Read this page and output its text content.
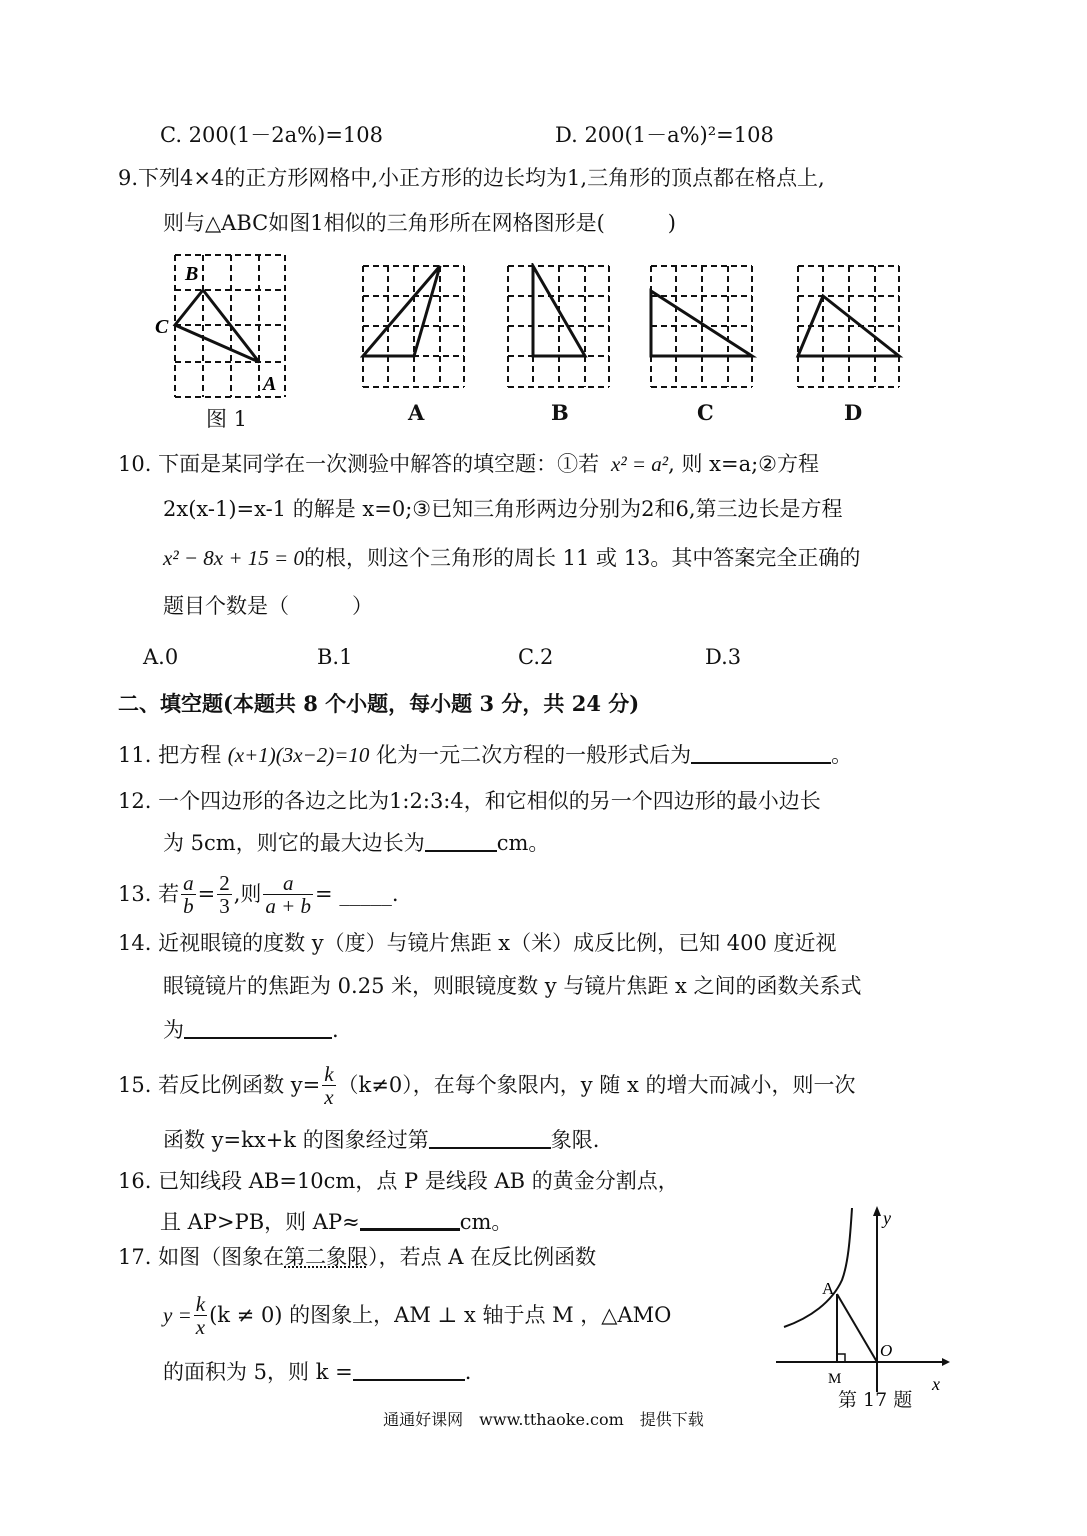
C. 200(1－2a%)=108	D. 200(1－a%)²=108
9.下列4×4的正方形网格中,小正方形的边长均为1,三角形的顶点都在格点上,
则与△ABC如图1相似的三角形所在网格图形是(　　　)
B
C
A
图 1	A	B	C	D
10. 下面是某同学在一次测验中解答的填空题：①若  x² = a², 则 x=a;②方程
2x(x-1)=x-1 的解是 x=0;③已知三角形两边分别为2和6,第三边长是方程
x² − 8x + 15 = 0的根，则这个三角形的周长 11 或 13。其中答案完全正确的
题目个数是（　　　）
A.0	B.1	C.2	D.3
二、填空题(本题共 8 个小题，每小题 3 分，共 24 分)
11. 把方程 (x+1)(3x−2)=10 化为一元二次方程的一般形式后为	。
12. 一个四边形的各边之比为1:2:3:4，和它相似的另一个四边形的最小边长
为 5cm，则它的最大边长为	cm。
13. 若 $\frac{a}{b} = \frac{2}{3}$ ,则 $\frac{a}{a + b}$ = _____.
14. 近视眼镜的度数 y（度）与镜片焦距 x（米）成反比例，已知 400 度近视
眼镜镜片的焦距为 0.25 米，则眼镜度数 y 与镜片焦距 x 之间的函数关系式
为	.
15. 若反比例函数 $y= \frac{k}{x} (k\ne 0)$，在每个象限内，y 随 x 的增大而减小，则一次
函数 y=kx+k 的图象经过第	象限.
16. 已知线段 AB=10cm，点 P 是线段 AB 的黄金分割点，
且 AP>PB，则 AP≈	cm。
17. 如图（图象在第二象限），若点 A 在反比例函数
$y = \frac{k}{x} (k \ne 0)$ 的图象上，AM ⊥ x 轴于点 M ，△AMO
的面积为 5，则 k =	.
y
x
A
O
M
第 17 题
通通好课网　www.tthaoke.com　提供下载
